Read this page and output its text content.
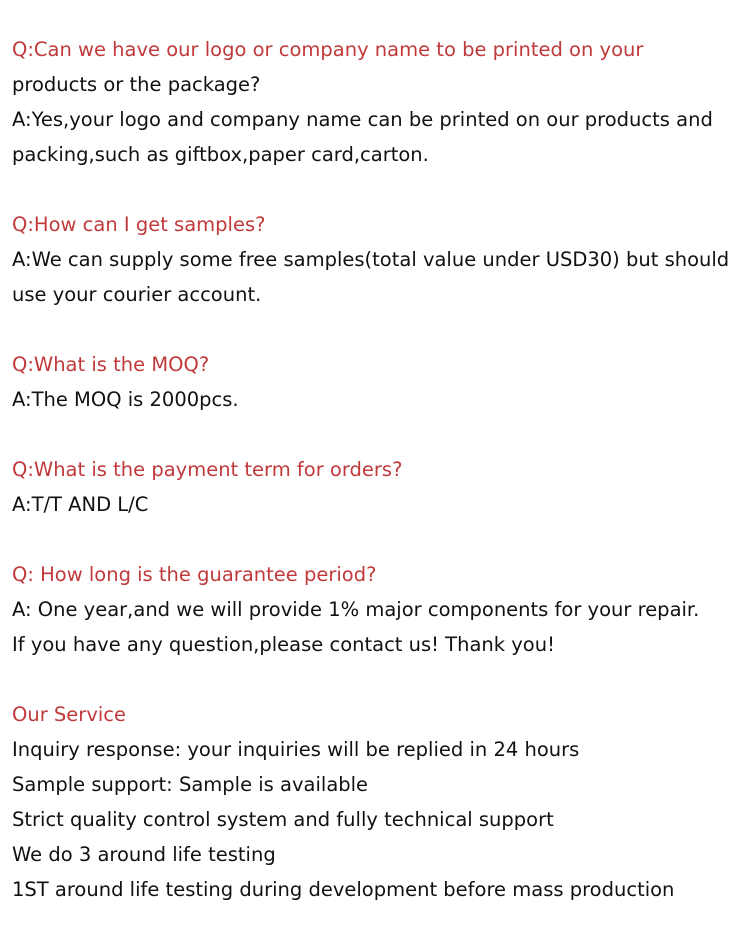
Q:Can we have our logo or company name to be printed on your
products or the package?
A:Yes,your logo and company name can be printed on our products and
packing,such as giftbox,paper card,carton.
Q:How can I get samples?
A:We can supply some free samples(total value under USD30) but should
use your courier account.
Q:What is the MOQ?
A:The MOQ is 2000pcs.
Q:What is the payment term for orders?
A:T/T AND L/C
Q: How long is the guarantee period?
A: One year,and we will provide 1% major components for your repair.
If you have any question,please contact us! Thank you!
Our Service
Inquiry response: your inquiries will be replied in 24 hours
Sample support: Sample is available
Strict quality control system and fully technical support
We do 3 around life testing
1ST around life testing during development before mass production
